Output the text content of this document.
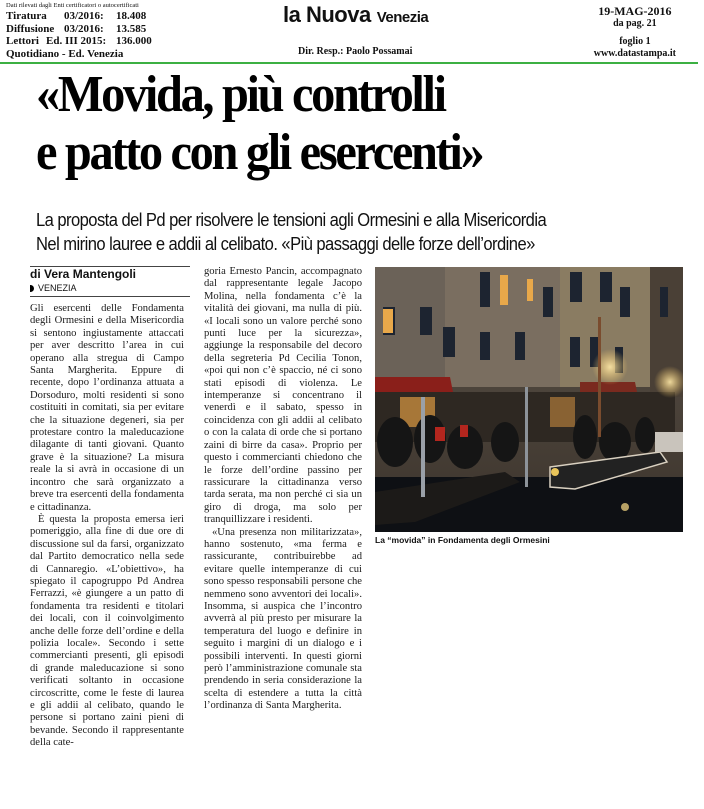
Dati rilevati dagli Enti certificatori o autocertificati
Tiratura 03/2016: 18.408
Diffusione 03/2016: 13.585
Lettori Ed. III 2015: 136.000
Quotidiano - Ed. Venezia
la Nuova Venezia
Dir. Resp.: Paolo Possamai
19-MAG-2016
da pag. 21
foglio 1
www.datastampa.it
«Movida, più controlli
e patto con gli esercenti»
La proposta del Pd per risolvere le tensioni agli Ormesini e alla Misericordia
Nel mirino lauree e addii al celibato. «Più passaggi delle forze dell’ordine»
di Vera Mantengoli
VENEZIA

Gli esercenti delle Fondamenta degli Ormesini e della Misericordia si sentono ingiustamente attaccati per aver descritto l’area in cui operano alla stregua di Campo Santa Margherita. Eppure di recente, dopo l’ordinanza attuata a Dorsoduro, molti residenti si sono costituiti in comitati, sia per evitare che la situazione degeneri, sia per protestare contro la maleducazione dilagante di tanti giovani. Quanto grave è la situazione? La misura reale la si avrà in occasione di un incontro che sarà organizzato a breve tra esercenti della fondamenta e cittadinanza.

È questa la proposta emersa ieri pomeriggio, alla fine di due ore di discussione sul da farsi, organizzato dal Partito democratico nella sede di Cannaregio. «L’obiettivo», ha spiegato il capogruppo Pd Andrea Ferrazzi, «è giungere a un patto di fondamenta tra residenti e titolari dei locali, con il coinvolgimento anche delle forze dell’ordine e della polizia locale». Secondo i sette commercianti presenti, gli episodi di grande maleducazione si sono verificati soltanto in occasione circoscritte, come le feste di laurea e gli addii al celibato, quando le persone si portano zaini pieni di bevande. Secondo il rappresentante della cate-

goria Ernesto Pancin, accompagnato dal rappresentante legale Jacopo Molina, nella fondamenta c’è la vitalità dei giovani, ma nulla di più. «I locali sono un valore perché sono punti luce per la sicurezza», aggiunge la responsabile del decoro della segreteria Pd Cecilia Tonon, «poi qui non c’è spaccio, né ci sono stati episodi di violenza. Le intemperanze si concentrano il venerdì e il sabato, spesso in coincidenza con gli addii al celibato o con la calata di orde che si portano zaini di birre da casa». Proprio per questo i commercianti chiedono che le forze dell’ordine passino per rassicurare la cittadinanza verso tarda serata, ma non perché ci sia un giro di droga, ma solo per tranquillizzare i residenti.

«Una presenza non militarizzata», hanno sostenuto, «ma ferma e rassicurante, contribuirebbe ad evitare quelle intemperanze di cui sono spesso responsabili persone che nemmeno sono avventori dei locali». Insomma, si auspica che l’incontro avverrà al più presto per misurare la temperatura del luogo e definire in seguito i margini di un dialogo e i possibili interventi. In questi giorni però l’amministrazione comunale sta prendendo in seria considerazione la scelta di estendere a tutta la città l’ordinanza di Santa Margherita.

La “movida” in Fondamenta degli Ormesini
